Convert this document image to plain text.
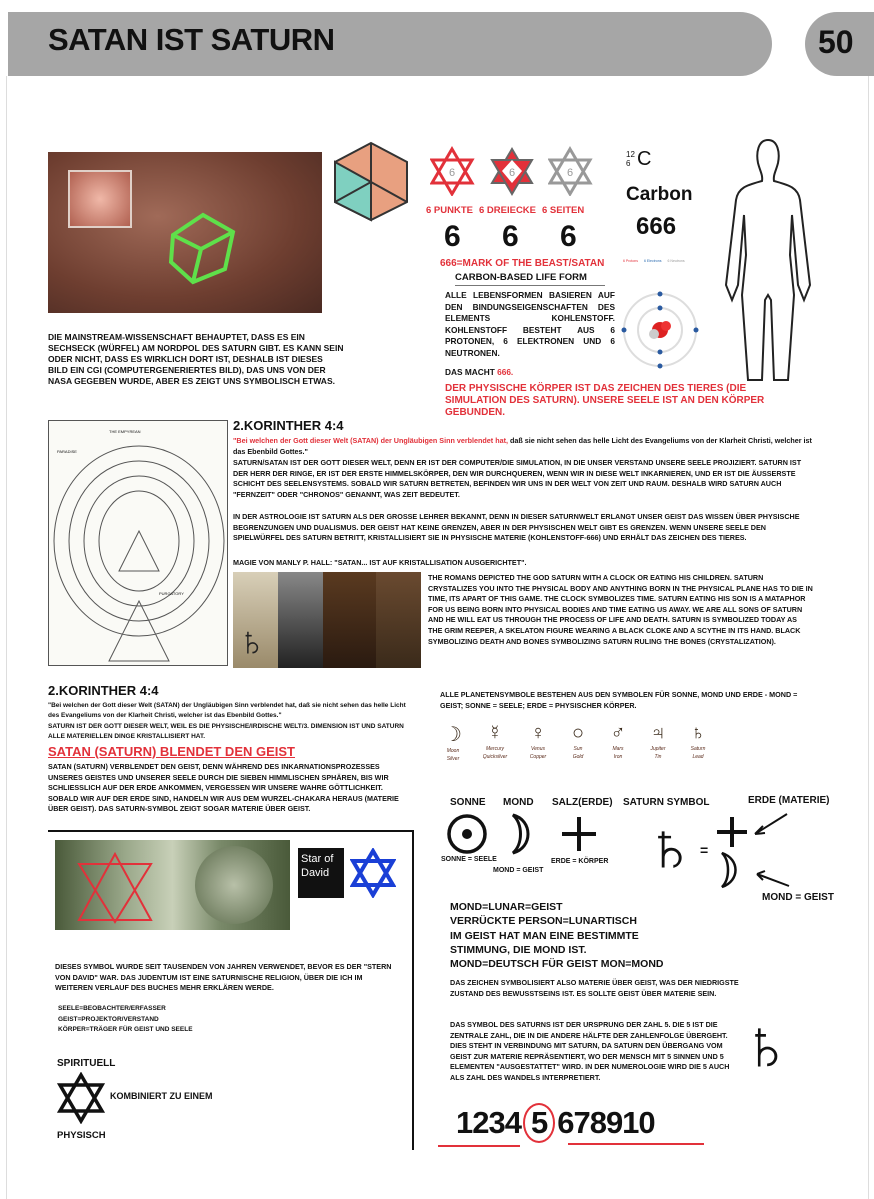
SATAN IST SATURN	50
DIE MAINSTREAM-WISSENSCHAFT BEHAUPTET, DASS ES EIN SECHSECK (WÜRFEL) AM NORDPOL DES SATURN GIBT. ES KANN SEIN ODER NICHT, DASS ES WIRKLICH DORT IST, DESHALB IST DIESES BILD EIN CGI (COMPUTERGENERIERTES BILD), DAS UNS VON DER NASA GEGEBEN WURDE, ABER ES ZEIGT UNS SYMBOLISCH ETWAS.
6	6	6
6 PUNKTE 6 DREIECKE 6 SEITEN
6 6 6
666=MARK OF THE BEAST/SATAN
CARBON-BASED LIFE FORM
ALLE LEBENSFORMEN BASIEREN AUF DEN BINDUNGSEIGENSCHAFTEN DES ELEMENTS KOHLENSTOFF. KOHLENSTOFF BESTEHT AUS 6 PROTONEN, 6 ELEKTRONEN UND 6 NEUTRONEN.
DAS MACHT 666.
DER PHYSISCHE KÖRPER IST DAS ZEICHEN DES TIERES (DIE SIMULATION DES SATURN). UNSERE SEELE IST AN DEN KÖRPER GEBUNDEN.
12
6 C
Carbon
666
6 Protons 6 Electrons 6 Neutrons
THE EMPYREAN
PARADISE
PURGATORY
2.KORINTHER 4:4
"Bei welchen der Gott dieser Welt (SATAN) der Ungläubigen Sinn verblendet hat, daß sie nicht sehen das helle Licht des Evangeliums von der Klarheit Christi, welcher ist das Ebenbild Gottes."
SATURN/SATAN IST DER GOTT DIESER WELT, DENN ER IST DER COMPUTER/DIE SIMULATION, IN DIE UNSER VERSTAND UNSERE SEELE PROJIZIERT. SATURN IST DER HERR DER RINGE, ER IST DER ERSTE HIMMELSKÖRPER, DEN WIR DURCHQUEREN, WENN WIR IN DIESE WELT INKARNIEREN, UND ER IST DIE ÄUSSERSTE SCHICHT DES SEELENSYSTEMS. SOBALD WIR SATURN BETRETEN, BEFINDEN WIR UNS IN DER WELT VON ZEIT UND RAUM. DESHALB WIRD SATURN AUCH "FERNZEIT" ODER "CHRONOS" GENANNT, WAS ZEIT BEDEUTET.
IN DER ASTROLOGIE IST SATURN ALS DER GROSSE LEHRER BEKANNT, DENN IN DIESER SATURNWELT ERLANGT UNSER GEIST DAS WISSEN ÜBER PHYSISCHE BEGRENZUNGEN UND DUALISMUS. DER GEIST HAT KEINE GRENZEN, ABER IN DER PHYSISCHEN WELT GIBT ES GRENZEN. WENN UNSERE SEELE DEN SPIELWÜRFEL DES SATURN BETRITT, KRISTALLISIERT SIE IN PHYSISCHE MATERIE (KOHLENSTOFF-666) UND ERHÄLT DAS ZEICHEN DES TIERES.
MAGIE VON MANLY P. HALL: "SATAN... IST AUF KRISTALLISATION AUSGERICHTET".
♄
THE ROMANS DEPICTED THE GOD SATURN WITH A CLOCK OR EATING HIS CHILDREN. SATURN CRYSTALIZES YOU INTO THE PHYSICAL BODY AND ANYTHING BORN IN THE PHYSICAL PLANE HAS TO DIE IN TIME, ITS APART OF THIS GAME. THE CLOCK SYMBOLIZES TIME. SATURN EATING HIS SON IS A MATAPHOR FOR US BEING BORN INTO PHYSICAL BODIES AND TIME EATING US AWAY. WE ARE ALL SONS OF SATURN AND HE WILL EAT US THROUGH THE PROCESS OF LIFE AND DEATH. SATURN IS SYMBOLIZED TODAY AS THE GRIM REEPER, A SKELATON FIGURE WEARING A BLACK CLOKE AND A SCYTHE IN ITS HAND. BLACK SYMBOLIZING DEATH AND BONES SYMBOLIZING SATURN RULING THE BONES (CRYSTALIZATION).
2.KORINTHER 4:4
"Bei welchen der Gott dieser Welt (SATAN) der Ungläubigen Sinn verblendet hat, daß sie nicht sehen das helle Licht des Evangeliums von der Klarheit Christi, welcher ist das Ebenbild Gottes."
SATURN IST DER GOTT DIESER WELT, WEIL ES DIE PHYSISCHE/IRDISCHE WELT/3. DIMENSION IST UND SATURN ALLE MATERIELLEN DINGE KRISTALLISIERT HAT.
SATAN (SATURN) BLENDET DEN GEIST
SATAN (SATURN) VERBLENDET DEN GEIST, DENN WÄHREND DES INKARNATIONSPROZESSES UNSERES GEISTES UND UNSERER SEELE DURCH DIE SIEBEN HIMMLISCHEN SPHÄREN, BIS WIR SCHLIESSLICH AUF DER ERDE ANKOMMEN, VERGESSEN WIR UNSERE WAHRE GÖTTLICHKEIT. SOBALD WIR AUF DER ERDE SIND, HANDELN WIR AUS DEM WURZEL-CHAKARA HERAUS (MATERIE ÜBER GEIST). DAS SATURN-SYMBOL ZEIGT SOGAR MATERIE ÜBER GEIST.
ALLE PLANETENSYMBOLE BESTEHEN AUS DEN SYMBOLEN FÜR SONNE, MOND UND ERDE - MOND = GEIST; SONNE = SEELE; ERDE = PHYSISCHER KÖRPER.
☽
Moon
Silver
☿
Mercury
Quicksilver
♀
Venus
Copper
○
Sun
Gold
♂
Mars
Iron
♃
Jupiter
Tin
♄
Saturn
Lead
SONNE MOND SALZ(ERDE) SATURN SYMBOL	ERDE (MATERIE)
SONNE = SEELE
MOND = GEIST
ERDE = KÖRPER ♄ =
MOND = GEIST
MOND=LUNAR=GEIST
VERRÜCKTE PERSON=LUNARTISCH
IM GEIST HAT MAN EINE BESTIMMTE
STIMMUNG, DIE MOND IST.
MOND=DEUTSCH FÜR GEIST MON=MOND
DAS ZEICHEN SYMBOLISIERT ALSO MATERIE ÜBER GEIST, WAS DER NIEDRIGSTE ZUSTAND DES BEWUSSTSEINS IST. ES SOLLTE GEIST ÜBER MATERIE SEIN.
DAS SYMBOL DES SATURNS IST DER URSPRUNG DER ZAHL 5. DIE 5 IST DIE ZENTRALE ZAHL, DIE IN DIE ANDERE HÄLFTE DER ZAHLENFOLGE ÜBERGEHT. DIES STEHT IN VERBINDUNG MIT SATURN, DA SATURN DEN ÜBERGANG VOM GEIST ZUR MATERIE REPRÄSENTIERT, WO DER MENSCH MIT 5 SINNEN UND 5 ELEMENTEN "AUSGESTATTET" WIRD. IN DER NUMEROLOGIE WIRD DIE 5 AUCH ALS ZAHL DES WANDELS INTERPRETIERT.	♄
1234 5 678910
Star of David
DIESES SYMBOL WURDE SEIT TAUSENDEN VON JAHREN VERWENDET, BEVOR ES DER "STERN VON DAVID" WAR. DAS JUDENTUM IST EINE SATURNISCHE RELIGION, ÜBER DIE ICH IM WEITEREN VERLAUF DES BUCHES MEHR ERKLÄREN WERDE.
SEELE=BEOBACHTER/ERFASSER
GEIST=PROJEKTOR/VERSTAND
KÖRPER=TRÄGER FÜR GEIST UND SEELE
SPIRITUELL
KOMBINIERT ZU EINEM
PHYSISCH
